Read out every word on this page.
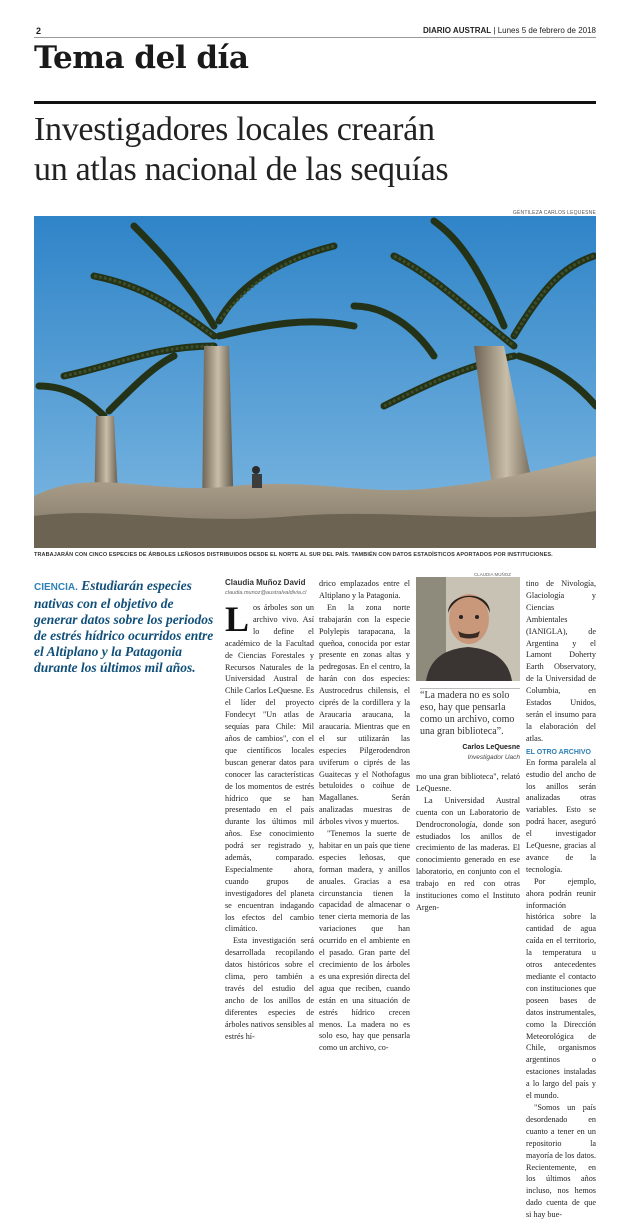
2	DIARIO AUSTRAL | Lunes 5 de febrero de 2018
Tema del día
Investigadores locales crearán
un atlas nacional de las sequías
GENTILEZA CARLOS LEQUESNE
TRABAJARÁN CON CINCO ESPECIES DE ÁRBOLES LEÑOSOS DISTRIBUIDOS DESDE EL NORTE AL SUR DEL PAÍS. TAMBIÉN CON DATOS ESTADÍSTICOS APORTADOS POR INSTITUCIONES.
CIENCIA. Estudiarán especies nativas con el objetivo de generar datos sobre los periodos de estrés hídrico ocurridos entre el Altiplano y la Patagonia durante los últimos mil años.
Claudia Muñoz David
claudia.munoz@australvaldivia.cl

Los árboles son un archivo vivo. Así lo define el académico de la Facultad de Ciencias Forestales y Recursos Naturales de la Universidad Austral de Chile Carlos LeQuesne. Es el líder del proyecto Fondecyt "Un atlas de sequías para Chile: Mil años de cambios", con el que científicos locales buscan generar datos para conocer las características de los momentos de estrés hídrico que se han presentado en el país durante los últimos mil años. Ese conocimiento podrá ser registrado y, además, comparado. Especialmente ahora, cuando grupos de investigadores del planeta se encuentran indagando los efectos del cambio climático.

Esta investigación será desarrollada recopilando datos históricos sobre el clima, pero también a través del estudio del ancho de los anillos de diferentes especies de árboles nativos sensibles al estrés hí-

drico emplazados entre el Altiplano y la Patagonia.

En la zona norte trabajarán con la especie Polylepis tarapacana, la queñoa, conocida por estar presente en zonas altas y pedregosas. En el centro, la harán con dos especies: Austrocedrus chilensis, el ciprés de la cordillera y la Araucaria araucana, la araucaria. Mientras que en el sur utilizarán las especies Pilgerodendron uviferum o ciprés de las Guaitecas y el Nothofagus betuloides o coihue de Magallanes. Serán analizadas muestras de árboles vivos y muertos.

"Tenemos la suerte de habitar en un país que tiene especies leñosas, que forman madera, y anillos anuales. Gracias a esa circunstancia tienen la capacidad de almacenar o tener cierta memoria de las variaciones que han ocurrido en el ambiente en el pasado. Gran parte del crecimiento de los árboles es una expresión directa del agua que reciben, cuando están en una situación de estrés hídrico crecen menos. La madera no es solo eso, hay que pensarla como un archivo, co-

CLAUDIA MUÑOZ
“La madera no es solo eso, hay que pensarla como un archivo, como una gran biblioteca”.
Carlos LeQuesne
Investigador Uach

mo una gran biblioteca", relató LeQuesne.

La Universidad Austral cuenta con un Laboratorio de Dendrocronología, donde son estudiados los anillos de crecimiento de las maderas. El conocimiento generado en ese laboratorio, en conjunto con el trabajo en red con otras instituciones como el Instituto Argen-

tino de Nivología, Glaciología y Ciencias Ambientales (IANIGLA), de Argentina y el Lamont Doherty Earth Observatory, de la Universidad de Columbia, en Estados Unidos, serán el insumo para la elaboración del atlas.

EL OTRO ARCHIVO

En forma paralela al estudio del ancho de los anillos serán analizadas otras variables. Esto se podrá hacer, aseguró el investigador LeQuesne, gracias al avance de la tecnología.

Por ejemplo, ahora podrán reunir información histórica sobre la cantidad de agua caída en el territorio, la temperatura u otros antecedentes mediante el contacto con instituciones que poseen bases de datos instrumentales, como la Dirección Meteorológica de Chile, organismos argentinos o estaciones instaladas a lo largo del país y el mundo.

"Somos un país desordenado en cuanto a tener en un repositorio la mayoría de los datos. Recientemente, en los últimos años incluso, nos hemos dado cuenta de que si hay bue-
